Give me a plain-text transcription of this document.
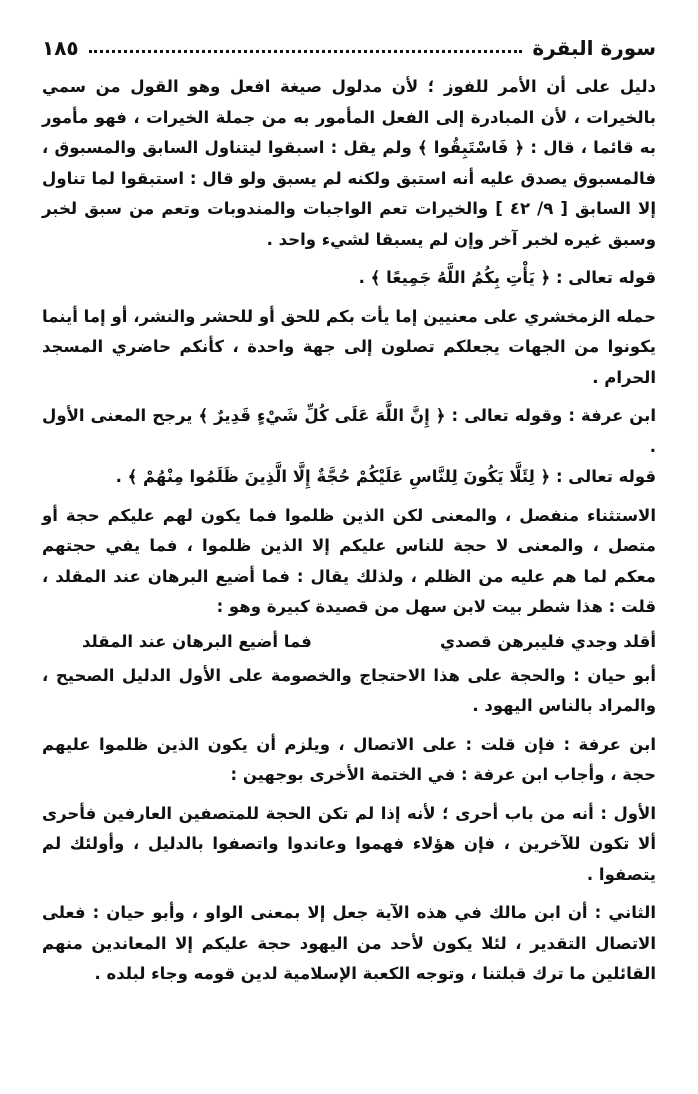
١٨٥	سورة البقرة

دليل على أن الأمر للفوز ؛ لأن مدلول صيغة افعل وهو القول من سمي بالخيرات ، لأن المبادرة إلى الفعل المأمور به من جملة الخيرات ، فهو مأمور به قائما ، قال : ﴿ فَاسْتَبِقُوا ﴾ ولم يقل : اسبقوا ليتناول السابق والمسبوق ، فالمسبوق يصدق عليه أنه استبق ولكنه لم يسبق ولو قال : استبقوا لما تناول إلا السابق [ ٩/ ٤٢ ] والخيرات تعم الواجبات والمندوبات وتعم من سبق لخبر وسبق غيره لخبر آخر وإن لم يسبقا لشيء واحد .

قوله تعالى : ﴿ يَأْتِ بِكُمُ اللَّهُ جَمِيعًا ﴾ .

حمله الزمخشري على معنيين إما يأت بكم للحق أو للحشر والنشر، أو إما أينما يكونوا من الجهات يجعلكم تصلون إلى جهة واحدة ، كأنكم حاضري المسجد الحرام .

ابن عرفة : وقوله تعالى : ﴿ إِنَّ اللَّهَ عَلَى كُلِّ شَيْءٍ قَدِيرٌ ﴾ يرجح المعنى الأول .

قوله تعالى : ﴿ لِئَلَّا يَكُونَ لِلنَّاسِ عَلَيْكُمْ حُجَّةٌ إِلَّا الَّذِينَ ظَلَمُوا مِنْهُمْ ﴾ .

الاستثناء منفصل ، والمعنى لكن الذين ظلموا فما يكون لهم عليكم حجة أو متصل ، والمعنى لا حجة للناس عليكم إلا الذين ظلموا ، فما يفي حجتهم معكم لما هم عليه من الظلم ، ولذلك يقال : فما أضيع البرهان عند المقلد ، قلت : هذا شطر بيت لابن سهل من قصيدة كبيرة وهو :

أقلد وجدي فليبرهن قصدي
فما أضيع البرهان عند المقلد

أبو حيان : والحجة على هذا الاحتجاج والخصومة على الأول الدليل الصحيح ، والمراد بالناس اليهود .

ابن عرفة : فإن قلت : على الاتصال ، ويلزم أن يكون الذين ظلموا عليهم حجة ، وأجاب ابن عرفة : في الختمة الأخرى بوجهين :

الأول : أنه من باب أحرى ؛ لأنه إذا لم تكن الحجة للمتصفين العارفين فأحرى ألا تكون للآخرين ، فإن هؤلاء فهموا وعاندوا واتصفوا بالدليل ، وأولئك لم يتصفوا .

الثاني : أن ابن مالك في هذه الآية جعل إلا بمعنى الواو ، وأبو حيان : فعلى الاتصال التقدير ، لئلا يكون لأحد من اليهود حجة عليكم إلا المعاندين منهم القائلين ما ترك قبلتنا ، وتوجه الكعبة الإسلامية لدين قومه وجاء لبلده .
